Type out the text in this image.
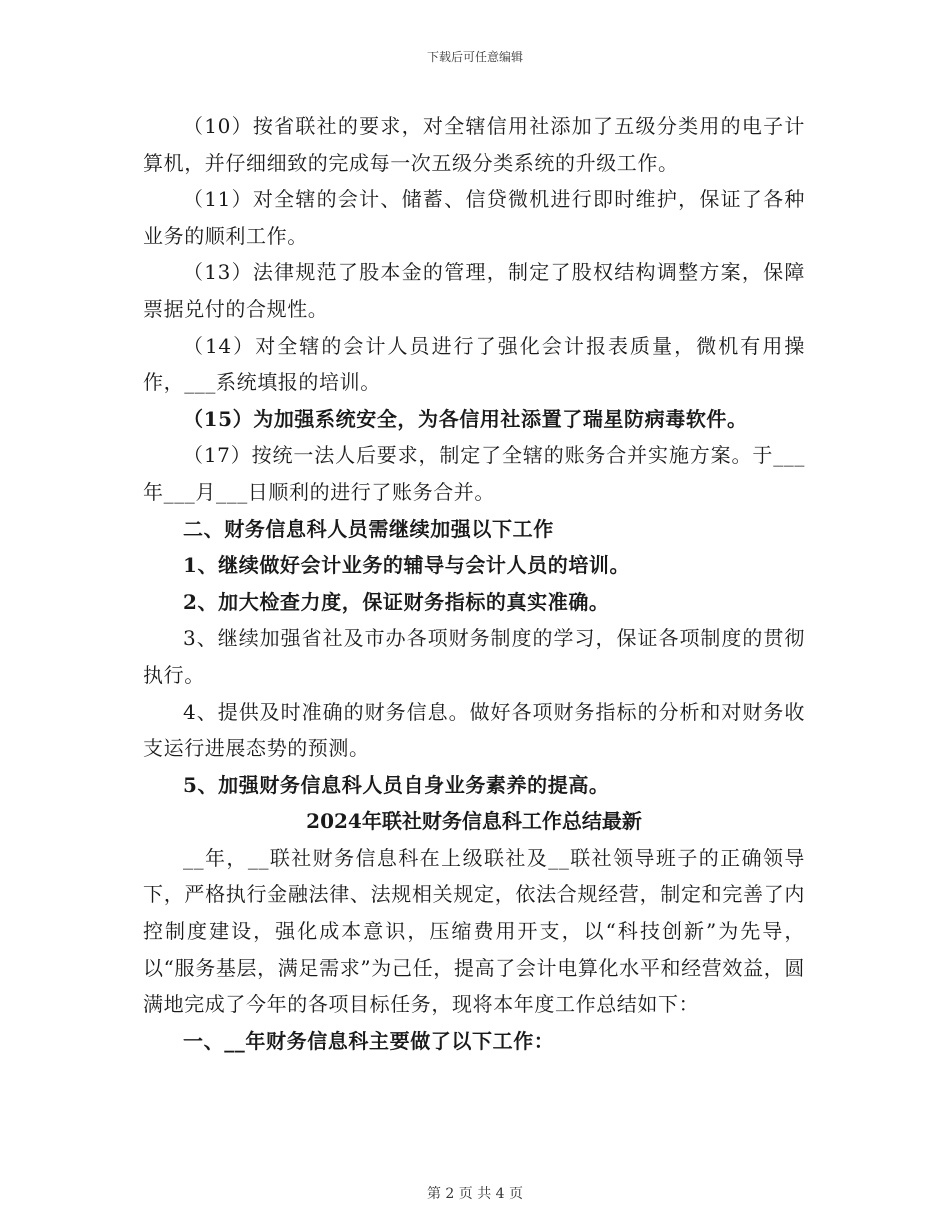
下载后可任意编辑

（10）按省联社的要求，对全辖信用社添加了五级分类用的电子计算机，并仔细细致的完成每一次五级分类系统的升级工作。

（11）对全辖的会计、储蓄、信贷微机进行即时维护，保证了各种业务的顺利工作。

（13）法律规范了股本金的管理，制定了股权结构调整方案，保障票据兑付的合规性。

（14）对全辖的会计人员进行了强化会计报表质量，微机有用操作，___系统填报的培训。

（15）为加强系统安全，为各信用社添置了瑞星防病毒软件。

（17）按统一法人后要求，制定了全辖的账务合并实施方案。于___年___月___日顺利的进行了账务合并。

二、财务信息科人员需继续加强以下工作

1、继续做好会计业务的辅导与会计人员的培训。

2、加大检查力度，保证财务指标的真实准确。

3、继续加强省社及市办各项财务制度的学习，保证各项制度的贯彻执行。

4、提供及时准确的财务信息。做好各项财务指标的分析和对财务收支运行进展态势的预测。

5、加强财务信息科人员自身业务素养的提高。

2024年联社财务信息科工作总结最新

__年，__联社财务信息科在上级联社及__联社领导班子的正确领导下，严格执行金融法律、法规相关规定，依法合规经营，制定和完善了内控制度建设，强化成本意识，压缩费用开支，以“科技创新”为先导，以“服务基层，满足需求”为己任，提高了会计电算化水平和经营效益，圆满地完成了今年的各项目标任务，现将本年度工作总结如下：

一、__年财务信息科主要做了以下工作：

第 2 页 共 4 页
